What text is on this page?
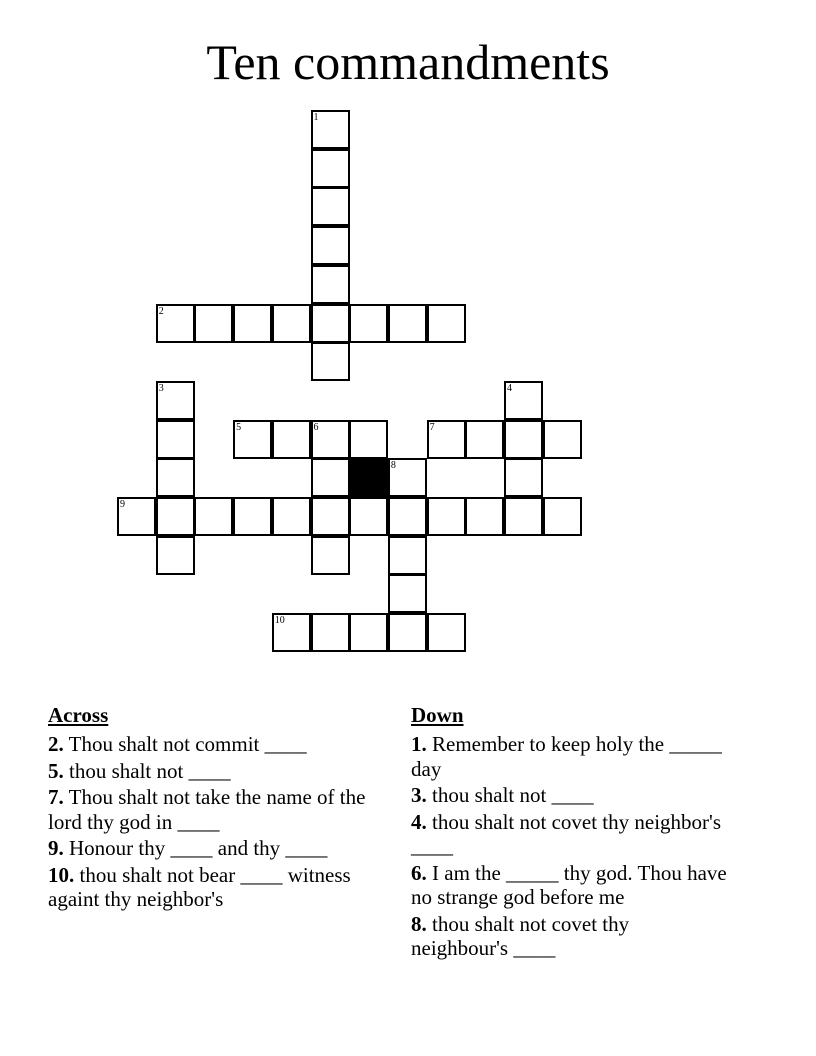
Ten commandments
1
2
3	4
5	6	7
8
9
10
Across
2. Thou shalt not commit ____
5. thou shalt not ____
7. Thou shalt not take the name of the lord thy god in ____
9. Honour thy ____ and thy ____
10. thou shalt not bear ____ witness againt thy neighbor's
Down
1. Remember to keep holy the _____ day
3. thou shalt not ____
4. thou shalt not covet thy neighbor's ____
6. I am the _____ thy god. Thou have no strange god before me
8. thou shalt not covet thy neighbour's ____
